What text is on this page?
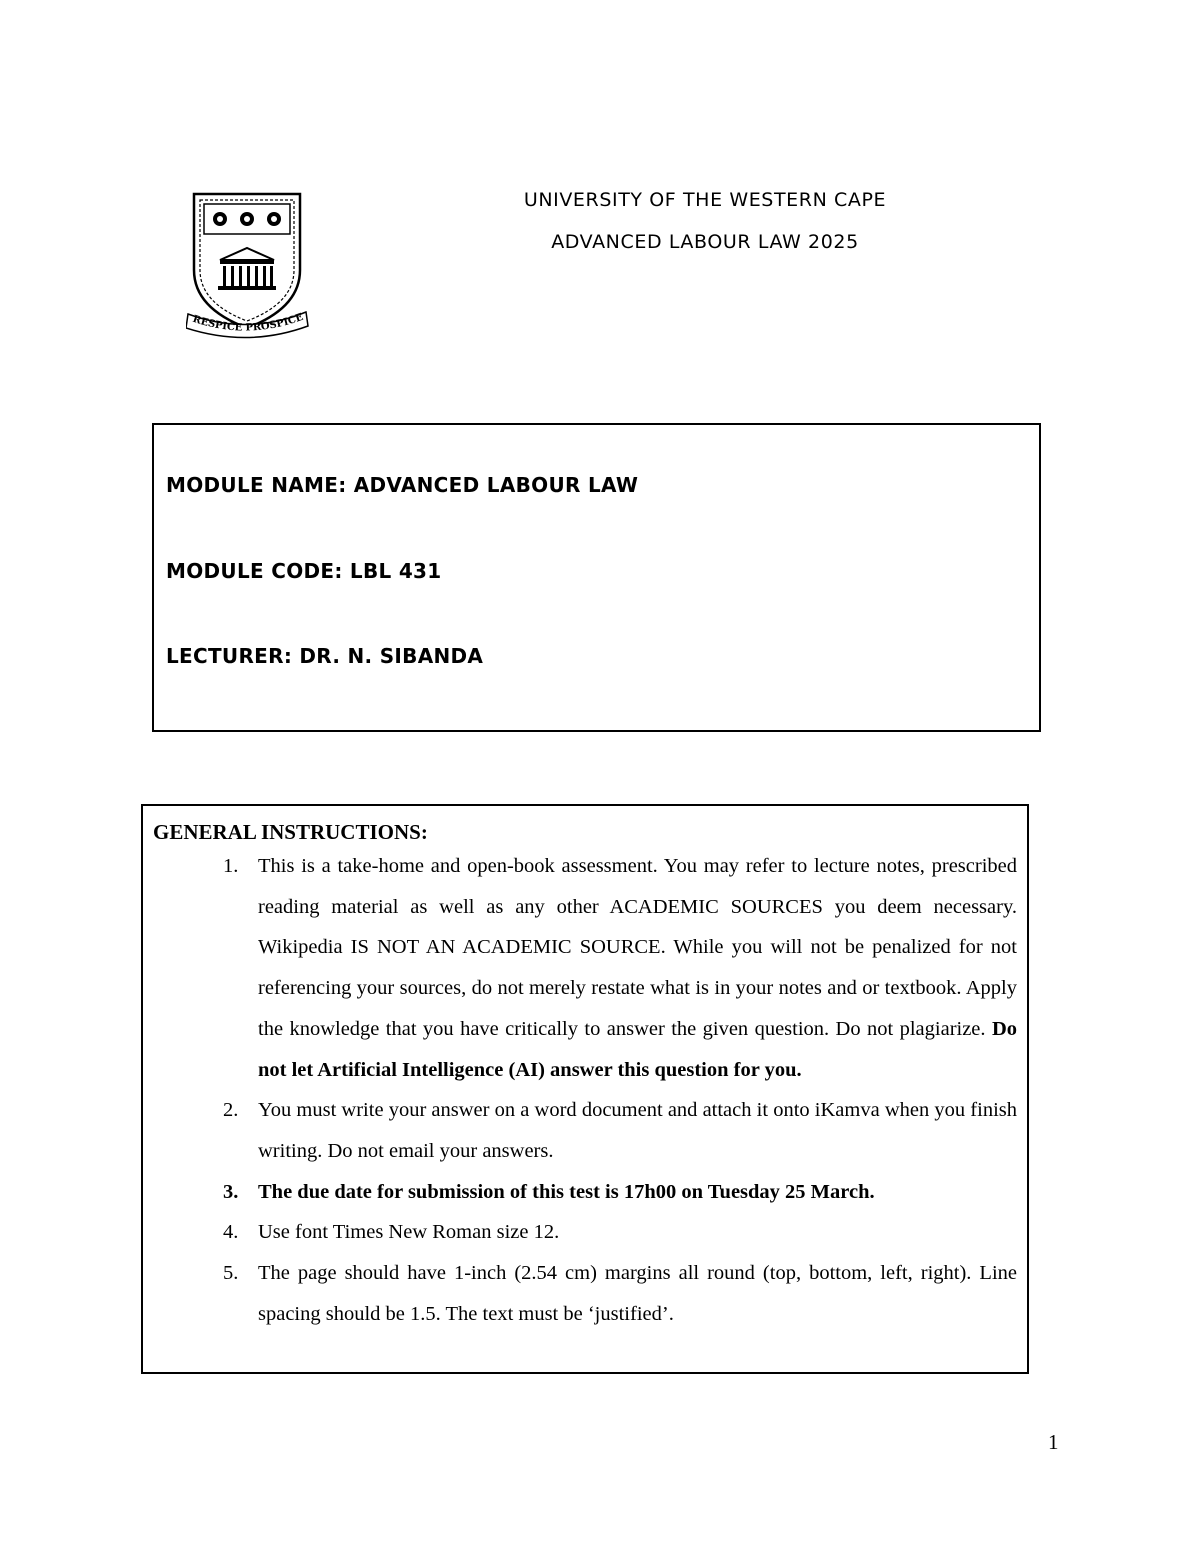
RESPICE PROSPICE
UNIVERSITY OF THE WESTERN CAPE
ADVANCED LABOUR LAW 2025
MODULE NAME: ADVANCED LABOUR LAW
MODULE CODE: LBL 431
LECTURER: DR. N. SIBANDA
GENERAL INSTRUCTIONS:
1. This is a take-home and open-book assessment. You may refer to lecture notes, prescribed reading material as well as any other ACADEMIC SOURCES you deem necessary. Wikipedia IS NOT AN ACADEMIC SOURCE. While you will not be penalized for not referencing your sources, do not merely restate what is in your notes and or textbook. Apply the knowledge that you have critically to answer the given question. Do not plagiarize. Do not let Artificial Intelligence (AI) answer this question for you.
2. You must write your answer on a word document and attach it onto iKamva when you finish writing. Do not email your answers.
3. The due date for submission of this test is 17h00 on Tuesday 25 March.
4. Use font Times New Roman size 12.
5. The page should have 1-inch (2.54 cm) margins all round (top, bottom, left, right). Line spacing should be 1.5. The text must be ‘justified’.
1
